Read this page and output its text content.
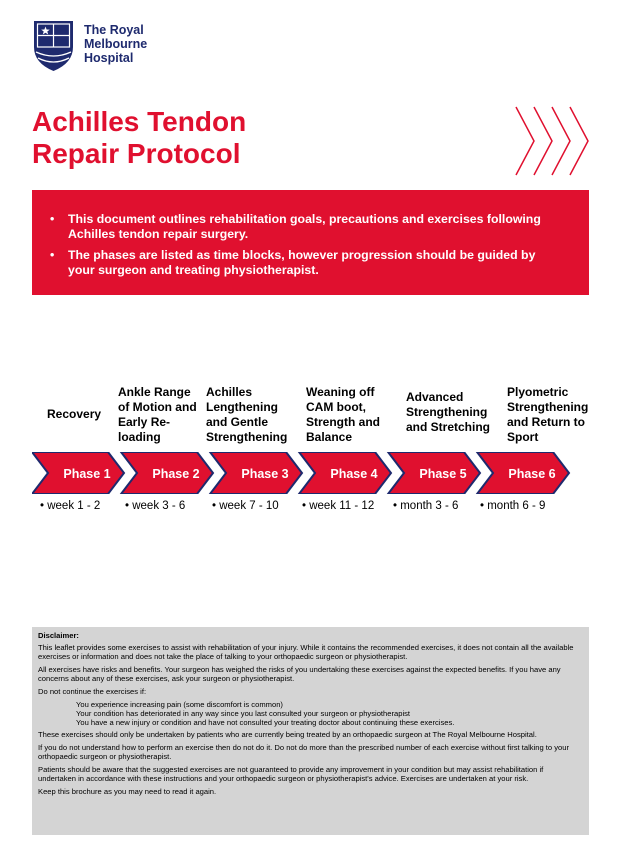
The Royal
Melbourne
Hospital
Achilles Tendon
Repair Protocol
• This document outlines rehabilitation goals, precautions and exercises following Achilles tendon repair surgery.
• The phases are listed as time blocks, however progression should be guided by your surgeon and treating physiotherapist.
Recovery
Ankle Range of Motion and Early Re-loading
Achilles Lengthening and Gentle Strengthening
Weaning off CAM boot, Strength and Balance
Advanced Strengthening and Stretching
Plyometric Strengthening and Return to Sport
Phase 1	Phase 2	Phase 3	Phase 4	Phase 5	Phase 6
• week 1 - 2 • week 3 - 6 • week 7 - 10 • week 11 - 12 • month 3 - 6 • month 6 - 9

Disclaimer:

This leaflet provides some exercises to assist with rehabilitation of your injury. While it contains the recommended exercises, it does not contain all the available exercises or information and does not take the place of talking to your orthopaedic surgeon or physiotherapist.

All exercises have risks and benefits. Your surgeon has weighed the risks of you undertaking these exercises against the expected benefits. If you have any concerns about any of these exercises, ask your surgeon or physiotherapist.

Do not continue the exercises if:

You experience increasing pain (some discomfort is common)
Your condition has deteriorated in any way since you last consulted your surgeon or physiotherapist
You have a new injury or condition and have not consulted your treating doctor about continuing these exercises.

These exercises should only be undertaken by patients who are currently being treated by an orthopaedic surgeon at The Royal Melbourne Hospital.

If you do not understand how to perform an exercise then do not do it. Do not do more than the prescribed number of each exercise without first talking to your orthopaedic surgeon or physiotherapist.

Patients should be aware that the suggested exercises are not guaranteed to provide any improvement in your condition but may assist rehabilitation if undertaken in accordance with these instructions and your orthopaedic surgeon or physiotherapist's advice. Exercises are undertaken at your risk.

Keep this brochure as you may need to read it again.
